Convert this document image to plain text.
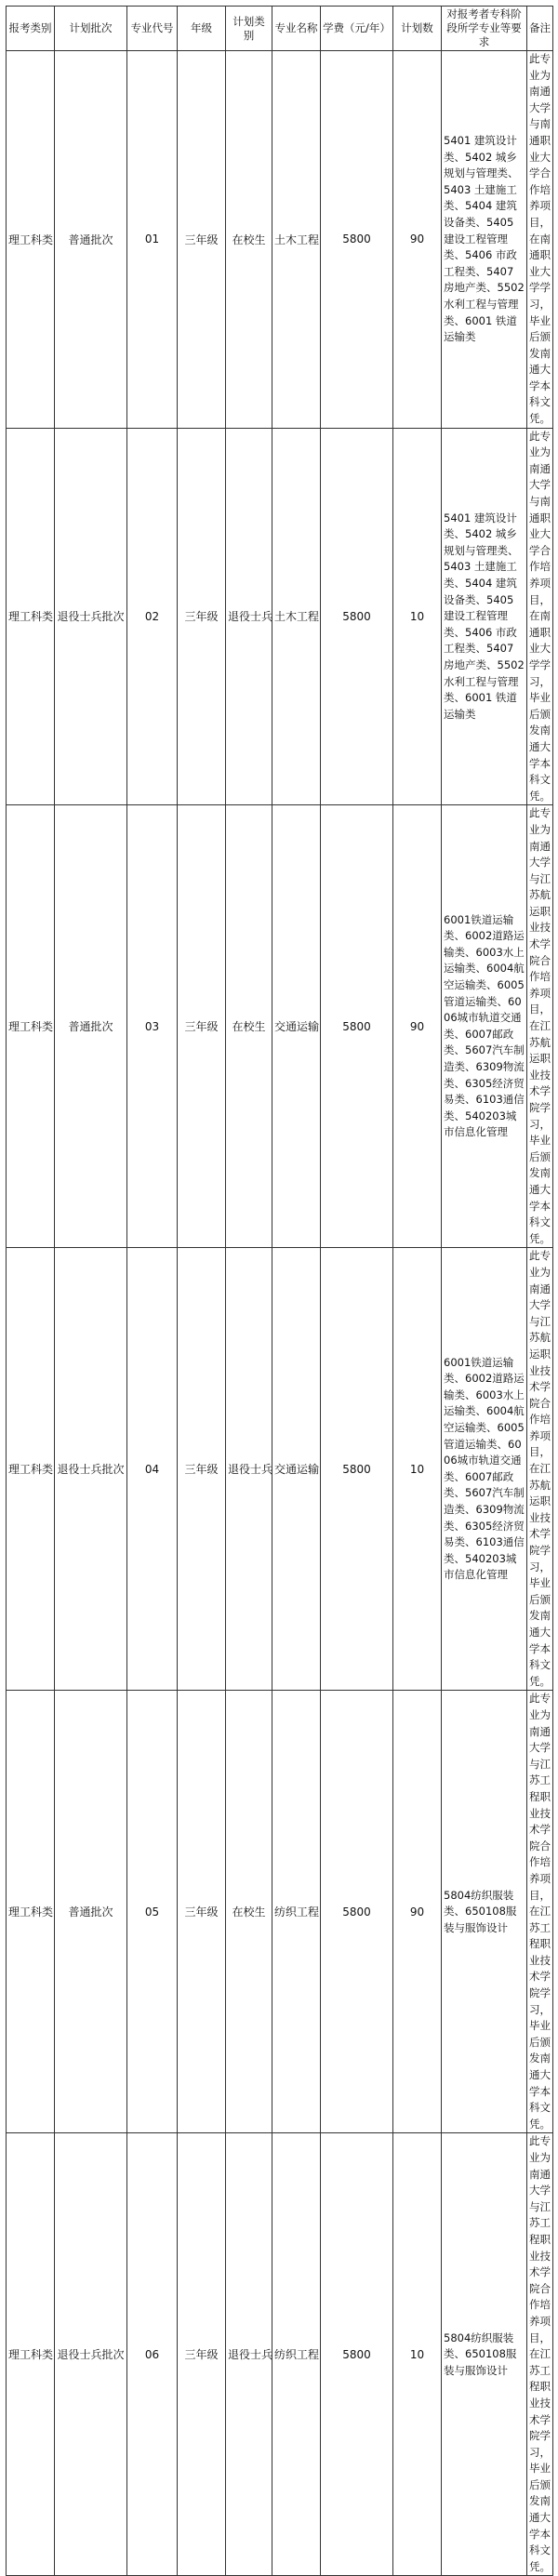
报考类别	计划批次	专业代号	年级	计划类别	专业名称	学费（元/年）	计划数	对报考者专科阶段所学专业等要求	备注
理工科类	普通批次	01	三年级	在校生	土木工程	5800	90	5401 建筑设计类、5402 城乡规划与管理类、5403 土建施工类、5404 建筑设备类、5405 建设工程管理类、5406 市政工程类、5407 房地产类、5502 水利工程与管理类、6001 铁道运输类	此专业为南通大学与南通职业大学合作培养项目，在南通职业大学学习，毕业后颁发南通大学本科文凭。
理工科类	退役士兵批次	02	三年级	退役士兵	土木工程	5800	10	5401 建筑设计类、5402 城乡规划与管理类、5403 土建施工类、5404 建筑设备类、5405 建设工程管理类、5406 市政工程类、5407 房地产类、5502 水利工程与管理类、6001 铁道运输类	此专业为南通大学与南通职业大学合作培养项目，在南通职业大学学习，毕业后颁发南通大学本科文凭。
理工科类	普通批次	03	三年级	在校生	交通运输	5800	90	6001铁道运输类、6002道路运输类、6003水上运输类、6004航空运输类、6005管道运输类、6006城市轨道交通类、6007邮政类、5607汽车制造类、6309物流类、6305经济贸易类、6103通信类、540203城市信息化管理	此专业为南通大学与江苏航运职业技术学院合作培养项目，在江苏航运职业技术学院学习，毕业后颁发南通大学本科文凭。
理工科类	退役士兵批次	04	三年级	退役士兵	交通运输	5800	10	6001铁道运输类、6002道路运输类、6003水上运输类、6004航空运输类、6005管道运输类、6006城市轨道交通类、6007邮政类、5607汽车制造类、6309物流类、6305经济贸易类、6103通信类、540203城市信息化管理	此专业为南通大学与江苏航运职业技术学院合作培养项目，在江苏航运职业技术学院学习，毕业后颁发南通大学本科文凭。
理工科类	普通批次	05	三年级	在校生	纺织工程	5800	90	5804纺织服装类、650108服装与服饰设计	此专业为南通大学与江苏工程职业技术学院合作培养项目，在江苏工程职业技术学院学习，毕业后颁发南通大学本科文凭。
理工科类	退役士兵批次	06	三年级	退役士兵	纺织工程	5800	10	5804纺织服装类、650108服装与服饰设计	此专业为南通大学与江苏工程职业技术学院合作培养项目，在江苏工程职业技术学院学习，毕业后颁发南通大学本科文凭。
